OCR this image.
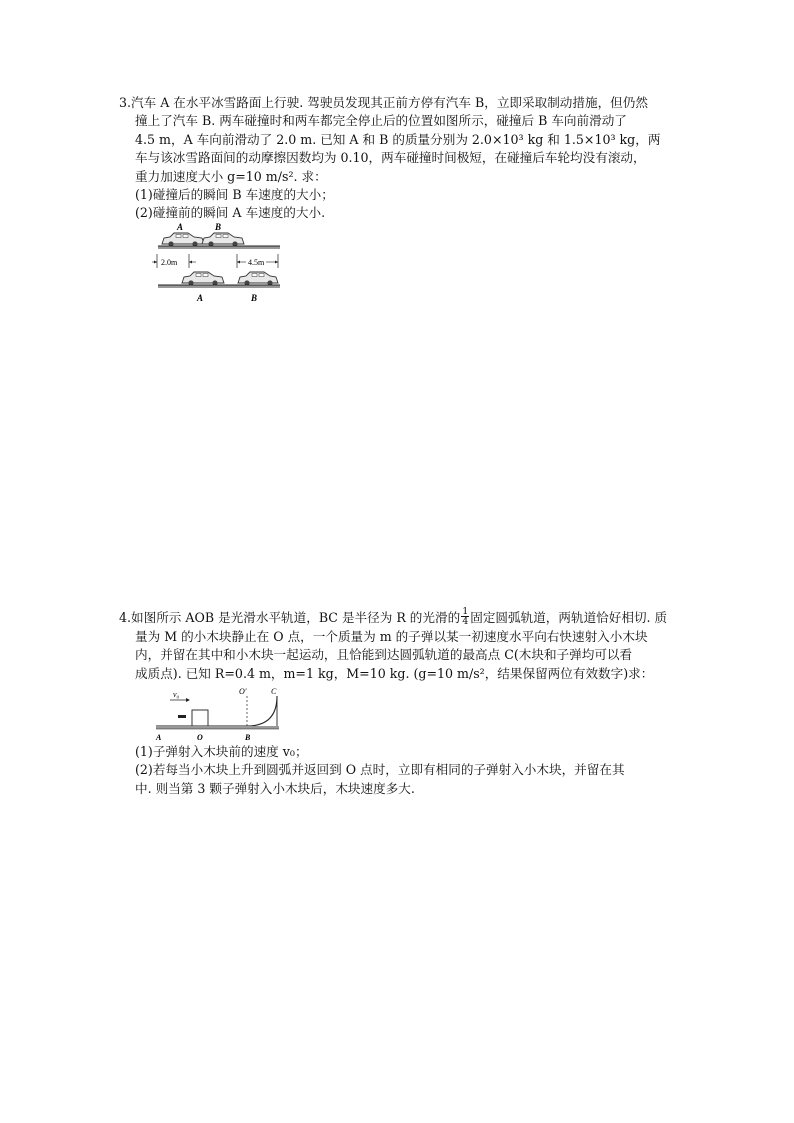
3.汽车 A 在水平冰雪路面上行驶. 驾驶员发现其正前方停有汽车 B，立即采取制动措施，但仍然

撞上了汽车 B. 两车碰撞时和两车都完全停止后的位置如图所示，碰撞后 B 车向前滑动了

4.5 m，A 车向前滑动了 2.0 m. 已知 A 和 B 的质量分别为 2.0×10³ kg 和 1.5×10³ kg，两

车与该冰雪路面间的动摩擦因数均为 0.10，两车碰撞时间极短，在碰撞后车轮均没有滚动，

重力加速度大小 g=10 m/s². 求：

(1)碰撞后的瞬间 B 车速度的大小；

(2)碰撞前的瞬间 A 车速度的大小.

A	B
2.0m	4.5m
A	B

4.如图所示 AOB 是光滑水平轨道，BC 是半径为 R 的光滑的 $\frac{1}{4}$ 固定圆弧轨道，两轨道恰好相切. 质

量为 M 的小木块静止在 O 点，一个质量为 m 的子弹以某一初速度水平向右快速射入小木块

内，并留在其中和小木块一起运动，且恰能到达圆弧轨道的最高点 C(木块和子弹均可以看

成质点). 已知 R=0.4 m，m=1 kg，M=10 kg. (g=10 m/s²，结果保留两位有效数字)求：

v₀	O′	C
A	O	B

(1)子弹射入木块前的速度 v₀；

(2)若每当小木块上升到圆弧并返回到 O 点时，立即有相同的子弹射入小木块，并留在其

中. 则当第 3 颗子弹射入小木块后，木块速度多大.
